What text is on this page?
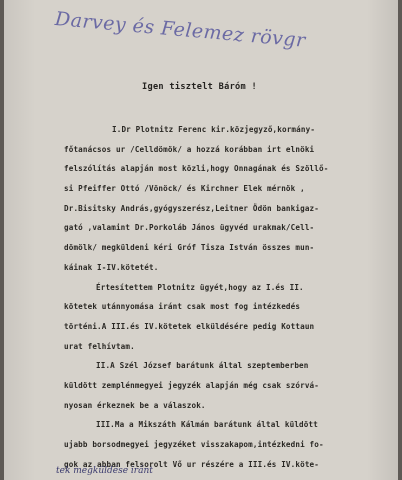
Darvey és Felemez rövgr
Igen tisztelt Báróm !
I.Dr Plotnitz Ferenc kir.közjegyző,kormány-
főtanácsos ur /Celldömök/ a hozzá korábban irt elnöki
felszólítás alapján most közli,hogy Onnagának és Szöllő-
si Pfeiffer Ottó /Vönöck/ és Kirchner Elek mérnök ,
Dr.Bisitsky András,gyógyszerész,Leitner Ödön bankigaz-
gató ,valamint Dr.Porkoláb János ügyvéd urakmak/Cell-
dömölk/ megküldeni kéri Gróf Tisza István összes mun-
káinak I-IV.kötetét.
Értesítettem Plotnitz ügyét,hogy az I.és II.
kötetek utánnyomása iránt csak most fog intézkedés
történi.A III.és IV.kötetek elküldésére pedig Kottaun
urat felhívtam.
II.A Szél József barátunk által szeptemberben
küldött zemplénmegyei jegyzék alapján még csak szórvá-
nyosan érkeznek be a válaszok.
III.Ma a Mikszáth Kálmán barátunk által küldött
ujabb borsodmegyei jegyzéket visszakapom,intézkedni fo-
gok az abban felsorolt Vő ur részére a III.és IV.köte-
tek megküldése iránt
